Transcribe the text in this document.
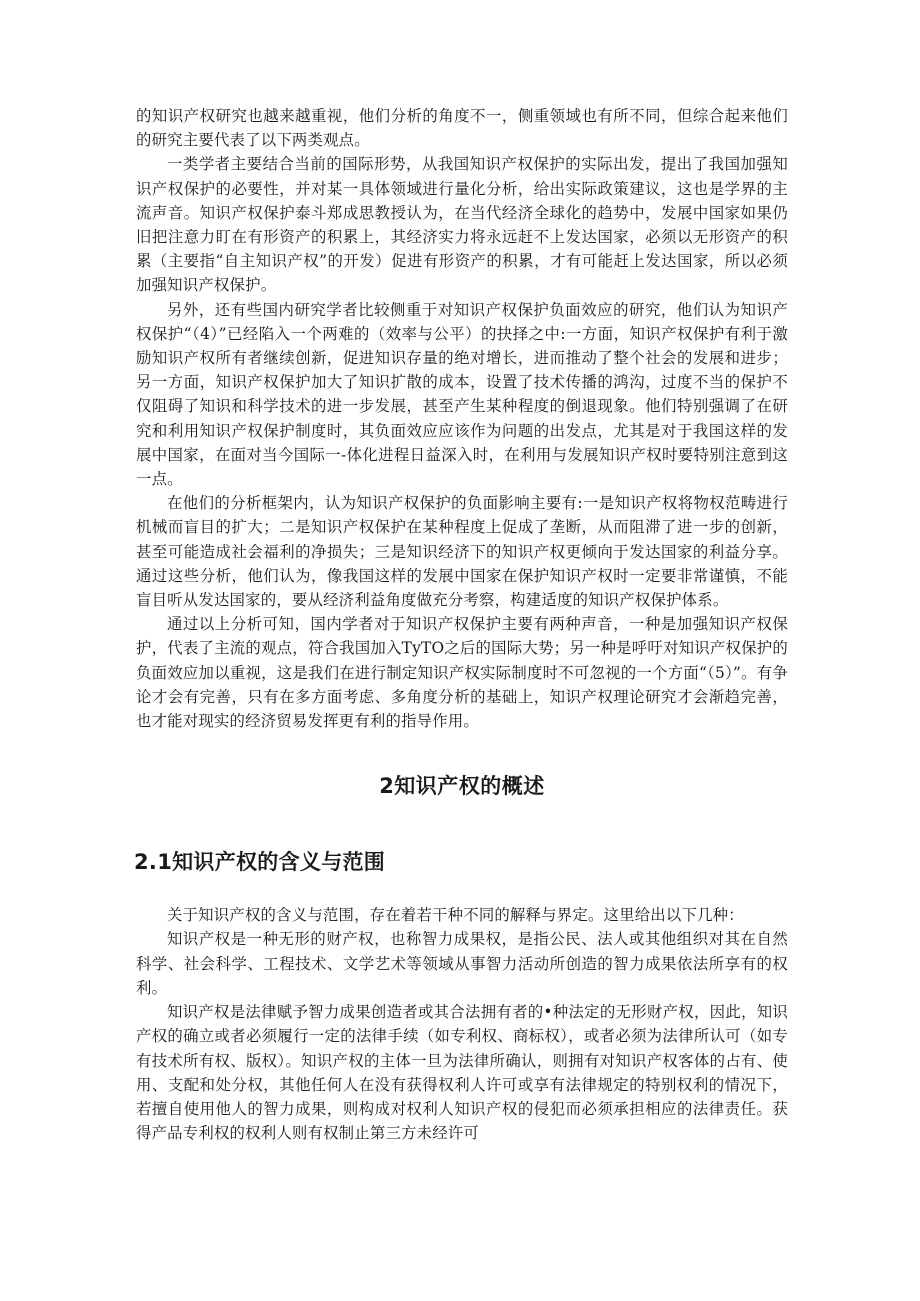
的知识产权研究也越来越重视，他们分析的角度不一，侧重领域也有所不同，但综合起来他们的研究主要代表了以下两类观点。

一类学者主要结合当前的国际形势，从我国知识产权保护的实际出发，提出了我国加强知识产权保护的必要性，并对某一具体领域进行量化分析，给出实际政策建议，这也是学界的主流声音。知识产权保护泰斗郑成思教授认为，在当代经济全球化的趋势中，发展中国家如果仍旧把注意力盯在有形资产的积累上，其经济实力将永远赶不上发达国家，必须以无形资产的积累（主要指“自主知识产权”的开发）促进有形资产的积累，才有可能赶上发达国家，所以必须加强知识产权保护。

另外，还有些国内研究学者比较侧重于对知识产权保护负面效应的研究，他们认为知识产权保护“（4）”已经陷入一个两难的（效率与公平）的抉择之中:一方面，知识产权保护有利于激励知识产权所有者继续创新，促进知识存量的绝对增长，进而推动了整个社会的发展和进步；另一方面，知识产权保护加大了知识扩散的成本，设置了技术传播的鸿沟，过度不当的保护不仅阻碍了知识和科学技术的进一步发展，甚至产生某种程度的倒退现象。他们特别强调了在研究和利用知识产权保护制度时，其负面效应应该作为问题的出发点，尤其是对于我国这样的发展中国家，在面对当今国际一-体化进程日益深入时，在利用与发展知识产权时要特别注意到这一点。

在他们的分析框架内，认为知识产权保护的负面影响主要有:一是知识产权将物权范畴进行机械而盲目的扩大；二是知识产权保护在某种程度上促成了垄断，从而阻滞了进一步的创新，甚至可能造成社会福利的净损失；三是知识经济下的知识产权更倾向于发达国家的利益分享。通过这些分析，他们认为，像我国这样的发展中国家在保护知识产权时一定要非常谨慎，不能盲目听从发达国家的，要从经济利益角度做充分考察，构建适度的知识产权保护体系。

通过以上分析可知，国内学者对于知识产权保护主要有两种声音，一种是加强知识产权保护，代表了主流的观点，符合我国加入TyTO之后的国际大势；另一种是呼吁对知识产权保护的负面效应加以重视，这是我们在进行制定知识产权实际制度时不可忽视的一个方面“（5）”。有争论才会有完善，只有在多方面考虑、多角度分析的基础上，知识产权理论研究才会渐趋完善，也才能对现实的经济贸易发挥更有利的指导作用。

2知识产权的概述
2.1知识产权的含义与范围

关于知识产权的含义与范围，存在着若干种不同的解释与界定。这里给出以下几种：

知识产权是一种无形的财产权，也称智力成果权，是指公民、法人或其他组织对其在自然科学、社会科学、工程技术、文学艺术等领域从事智力活动所创造的智力成果依法所享有的权利。

知识产权是法律赋予智力成果创造者或其合法拥有者的•种法定的无形财产权，因此，知识产权的确立或者必须履行一定的法律手续（如专利权、商标权），或者必须为法律所认可（如专有技术所有权、版权）。知识产权的主体一旦为法律所确认，则拥有对知识产权客体的占有、使用、支配和处分权，其他任何人在没有获得权利人许可或享有法律规定的特别权利的情况下，若擅自使用他人的智力成果，则构成对权利人知识产权的侵犯而必须承担相应的法律责任。获得产品专利权的权利人则有权制止第三方未经许可
